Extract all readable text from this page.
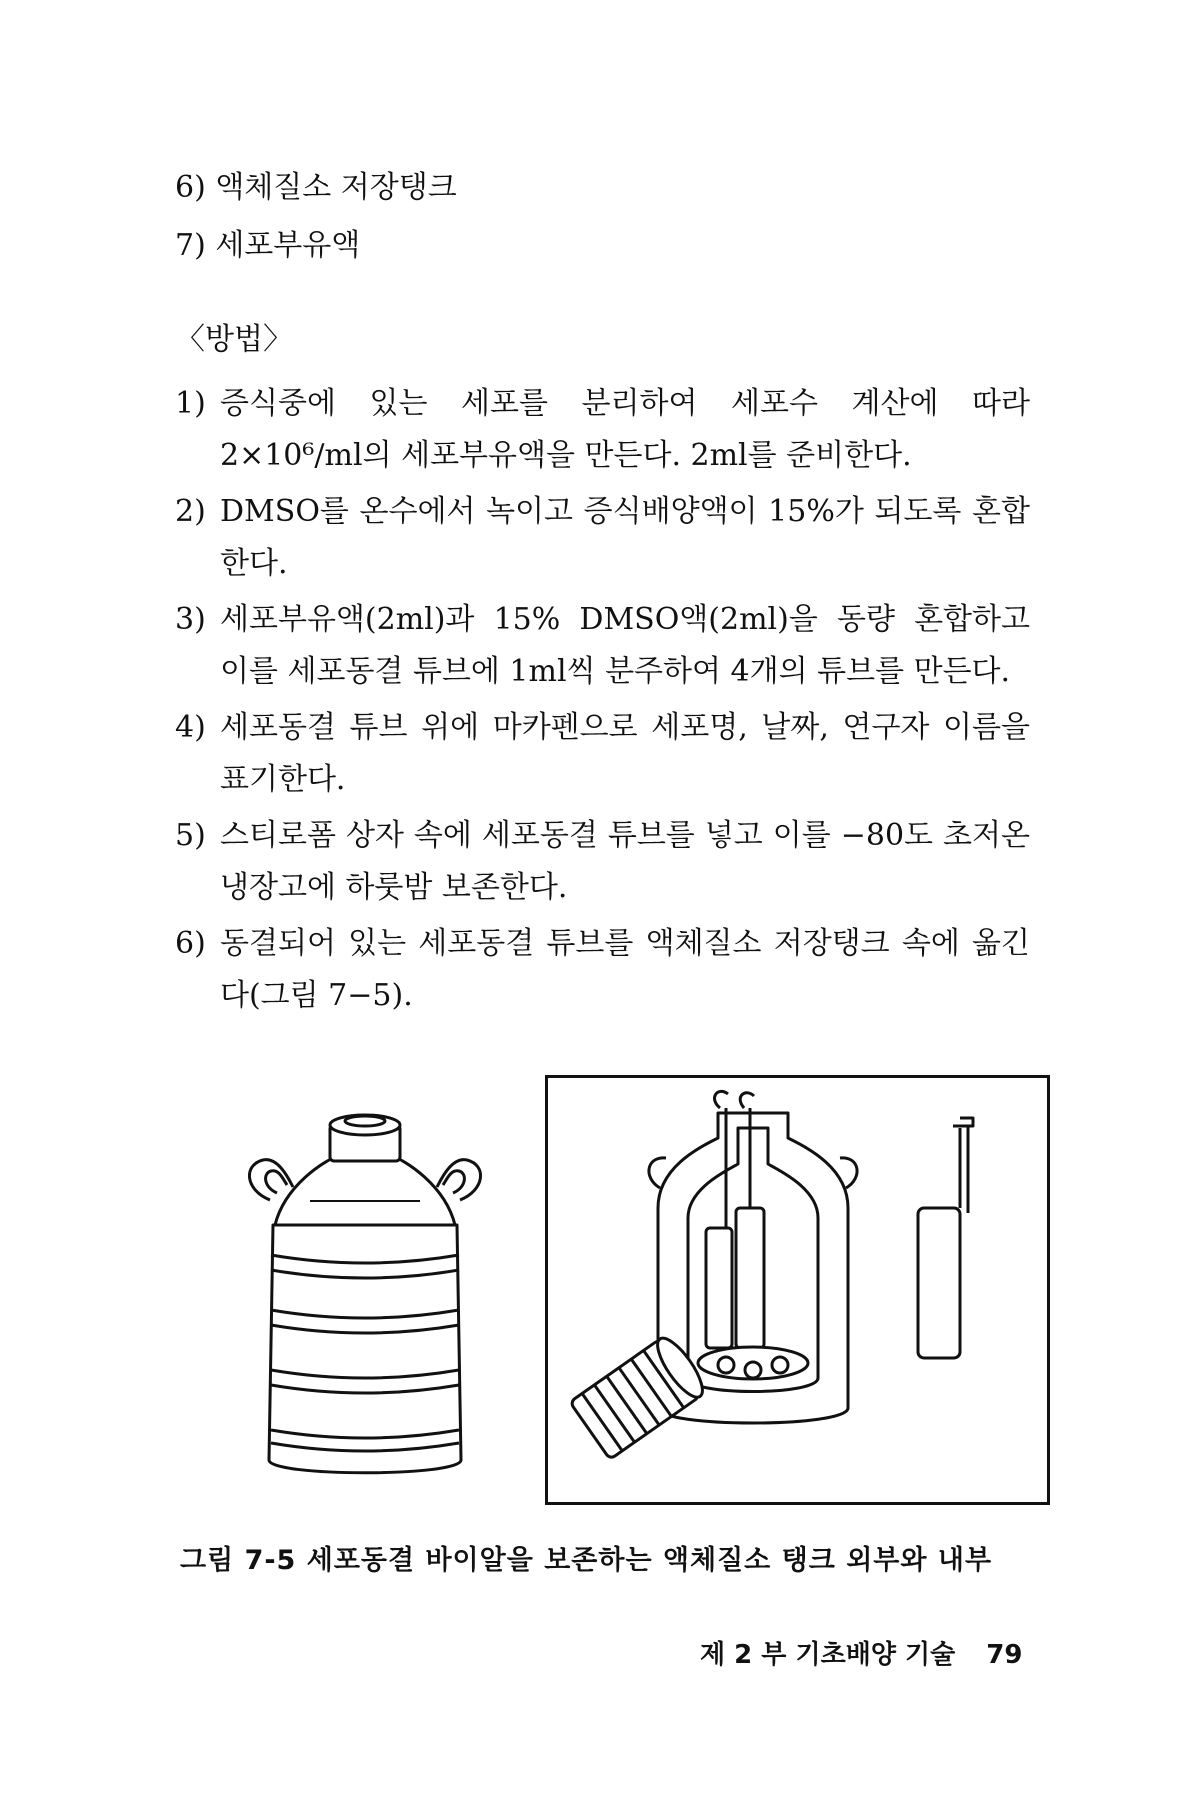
6) 액체질소 저장탱크
7) 세포부유액
〈방법〉
1) 증식중에 있는 세포를 분리하여 세포수 계산에 따라 2×10⁶/ml의 세포부유액을 만든다. 2ml를 준비한다.
2) DMSO를 온수에서 녹이고 증식배양액이 15%가 되도록 혼합한다.
3) 세포부유액(2ml)과 15% DMSO액(2ml)을 동량 혼합하고 이를 세포동결 튜브에 1ml씩 분주하여 4개의 튜브를 만든다.
4) 세포동결 튜브 위에 마카펜으로 세포명, 날짜, 연구자 이름을 표기한다.
5) 스티로폼 상자 속에 세포동결 튜브를 넣고 이를 −80도 초저온 냉장고에 하룻밤 보존한다.
6) 동결되어 있는 세포동결 튜브를 액체질소 저장탱크 속에 옮긴다(그림 7−5).
그림 7-5 세포동결 바이알을 보존하는 액체질소 탱크 외부와 내부
제 2 부 기초배양 기술 79
